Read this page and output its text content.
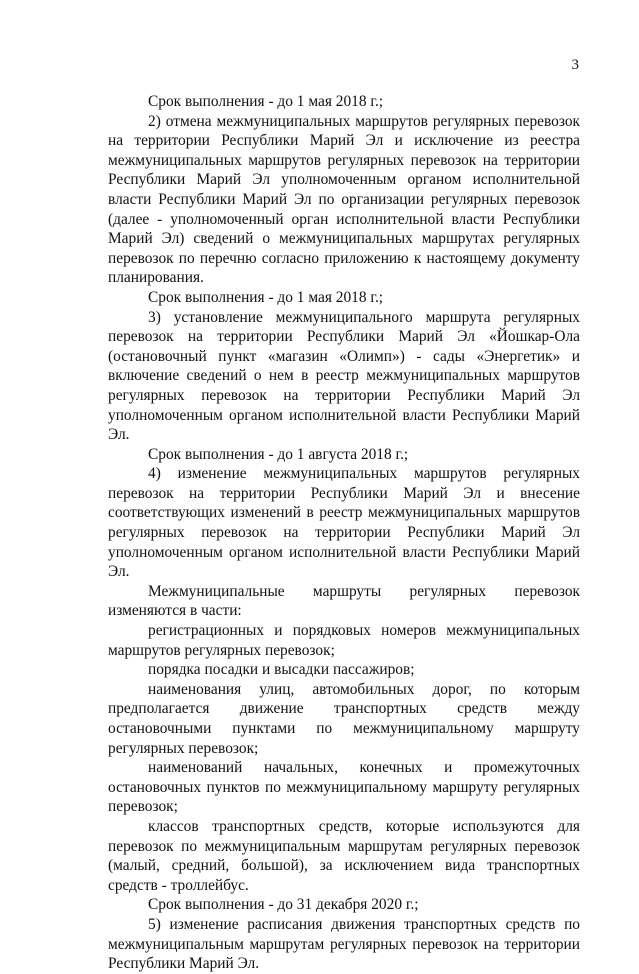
3

Срок выполнения - до 1 мая 2018 г.;

2) отмена межмуниципальных маршрутов регулярных перевозок на территории Республики Марий Эл и исключение из реестра межмуниципальных маршрутов регулярных перевозок на территории Республики Марий Эл уполномоченным органом исполнительной власти Республики Марий Эл по организации регулярных перевозок (далее - уполномоченный орган исполнительной власти Республики Марий Эл) сведений о межмуниципальных маршрутах регулярных перевозок по перечню согласно приложению к настоящему документу планирования.

Срок выполнения - до 1 мая 2018 г.;

3) установление межмуниципального маршрута регулярных перевозок на территории Республики Марий Эл «Йошкар-Ола (остановочный пункт «магазин «Олимп») - сады «Энергетик» и включение сведений о нем в реестр межмуниципальных маршрутов регулярных перевозок на территории Республики Марий Эл уполномоченным органом исполнительной власти Республики Марий Эл.

Срок выполнения - до 1 августа 2018 г.;

4) изменение межмуниципальных маршрутов регулярных перевозок на территории Республики Марий Эл и внесение соответствующих изменений в реестр межмуниципальных маршрутов регулярных перевозок на территории Республики Марий Эл уполномоченным органом исполнительной власти Республики Марий Эл.

Межмуниципальные маршруты регулярных перевозок изменяются в части:

регистрационных и порядковых номеров межмуниципальных маршрутов регулярных перевозок;

порядка посадки и высадки пассажиров;

наименования улиц, автомобильных дорог, по которым предполагается движение транспортных средств между остановочными пунктами по межмуниципальному маршруту регулярных перевозок;

наименований начальных, конечных и промежуточных остановочных пунктов по межмуниципальному маршруту регулярных перевозок;

классов транспортных средств, которые используются для перевозок по межмуниципальным маршрутам регулярных перевозок (малый, средний, большой), за исключением вида транспортных средств - троллейбус.

Срок выполнения - до 31 декабря 2020 г.;

5) изменение расписания движения транспортных средств по межмуниципальным маршрутам регулярных перевозок на территории Республики Марий Эл.
